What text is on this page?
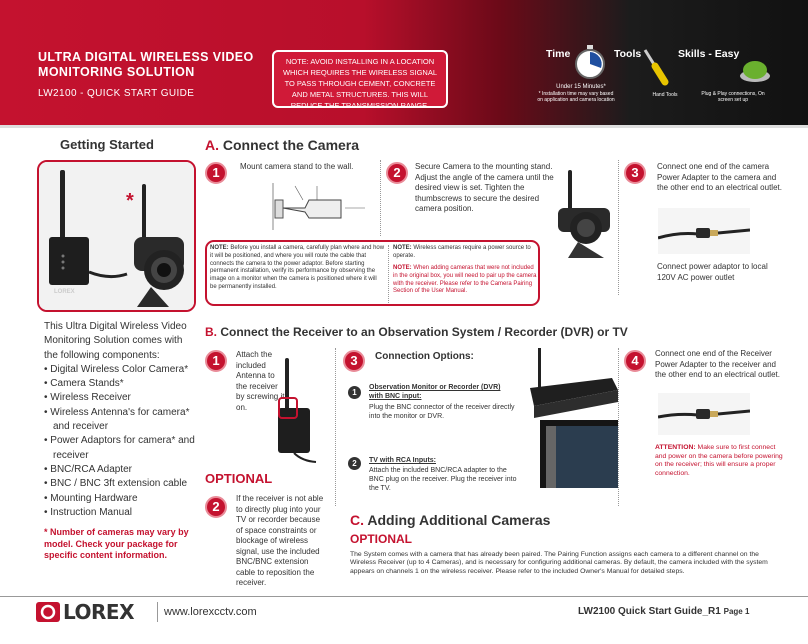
ULTRA DIGITAL WIRELESS VIDEO
MONITORING SOLUTION
LW2100 - QUICK START GUIDE
NOTE: AVOID INSTALLING IN A LOCATION WHICH REQUIRES THE WIRELESS SIGNAL TO PASS THROUGH CEMENT, CONCRETE AND METAL STRUCTURES. THIS WILL REDUCE THE TRANSMISSION RANGE.
Time
Under 15 Minutes*
* Installation time may vary based on application and camera location
Tools
Hand Tools
Skills - Easy
Plug & Play connections, On screen set up
Getting Started
*
LOREX

This Ultra Digital Wireless Video Monitoring Solution comes with the following components:

• Digital Wireless Color Camera*
• Camera Stands*
• Wireless Receiver
• Wireless Antenna's for camera* and receiver
• Power Adaptors for camera* and receiver
• BNC/RCA Adapter
• BNC / BNC 3ft extension cable
• Mounting Hardware
• Instruction Manual
* Number of cameras may vary by model. Check your package for specific content information.
A. Connect the Camera
1	Mount camera stand to the wall.	2	Secure Camera to the mounting stand. Adjust the angle of the camera until the desired view is set. Tighten the thumbscrews to secure the desired camera position.
3	Connect one end of the camera Power Adapter to the camera and the other end to an electrical outlet.
Connect power adaptor to local 120V AC power outlet
NOTE: Before you install a camera, carefully plan where and how it will be positioned, and where you will route the cable that connects the camera to the power adaptor. Before starting permanent installation, verify its performance by observing the image on a monitor when the camera is positioned where it will be permanently installed.
NOTE: Wireless cameras require a power source to operate.
NOTE: When adding cameras that were not included in the original box, you will need to pair up the camera with the receiver. Please refer to the Camera Pairing Section of the User Manual.
B. Connect the Receiver to an Observation System / Recorder (DVR) or TV
1	Attach the included Antenna to the receiver by screwing it on.
OPTIONAL
2
If the receiver is not able to directly plug into your TV or recorder because of space constraints or blockage of wireless signal, use the included BNC/BNC extension cable to reposition the receiver.
3	Connection Options:
1
Observation Monitor or Recorder (DVR) with BNC input:
Plug the BNC connector of the receiver directly into the monitor or DVR.
2	TV with RCA Inputs:
Attach the included BNC/RCA adapter to the BNC plug on the receiver. Plug the receiver into the TV.
4	Connect one end of the Receiver Power Adapter to the receiver and the other end to an electrical outlet.
ATTENTION: Make sure to first connect and power on the camera before powering on the receiver; this will ensure a proper connection.
C. Adding Additional Cameras
OPTIONAL
The System comes with a camera that has already been paired. The Pairing Function assigns each camera to a different channel on the Wireless Receiver (up to 4 Cameras), and is necessary for configuring additional cameras. By default, the camera included with the system appears on channels 1 on the wireless receiver. Please refer to the included Owner's Manual for detailed steps.
LOREX	www.lorexcctv.com	LW2100 Quick Start Guide_R1 Page 1
